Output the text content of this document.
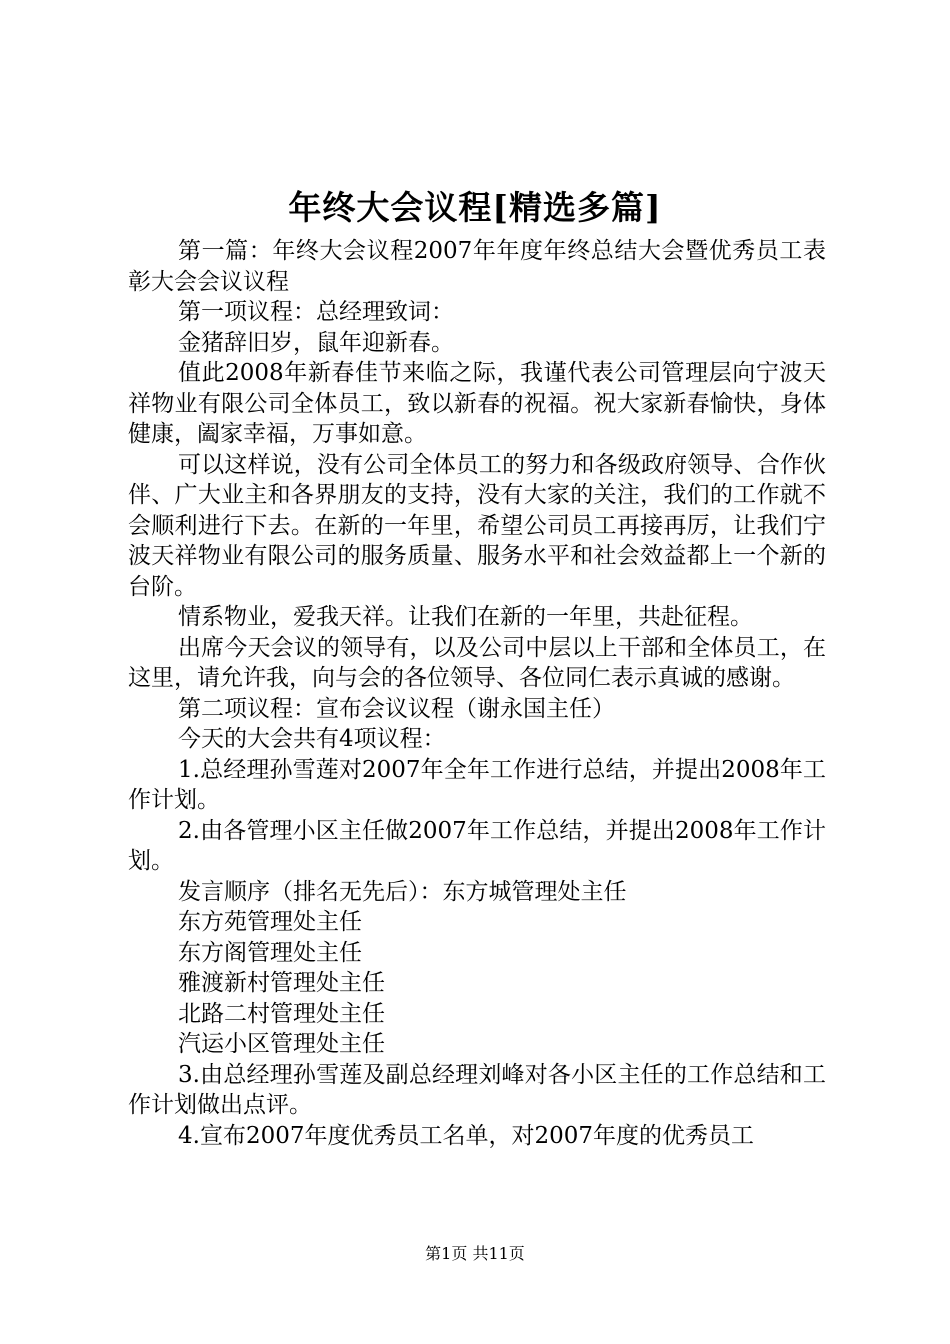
年终大会议程[精选多篇]

第一篇：年终大会议程2007年年度年终总结大会暨优秀员工表彰大会会议议程

第一项议程：总经理致词：

金猪辞旧岁，鼠年迎新春。

值此2008年新春佳节来临之际，我谨代表公司管理层向宁波天祥物业有限公司全体员工，致以新春的祝福。祝大家新春愉快，身体健康，阖家幸福，万事如意。

可以这样说，没有公司全体员工的努力和各级政府领导、合作伙伴、广大业主和各界朋友的支持，没有大家的关注，我们的工作就不会顺利进行下去。在新的一年里，希望公司员工再接再厉，让我们宁波天祥物业有限公司的服务质量、服务水平和社会效益都上一个新的台阶。

情系物业，爱我天祥。让我们在新的一年里，共赴征程。

出席今天会议的领导有，以及公司中层以上干部和全体员工，在这里，请允许我，向与会的各位领导、各位同仁表示真诚的感谢。

第二项议程：宣布会议议程（谢永国主任）

今天的大会共有4项议程：

1.总经理孙雪莲对2007年全年工作进行总结，并提出2008年工作计划。

2.由各管理小区主任做2007年工作总结，并提出2008年工作计划。

发言顺序（排名无先后）：东方城管理处主任

东方苑管理处主任

东方阁管理处主任

雅渡新村管理处主任

北路二村管理处主任

汽运小区管理处主任

3.由总经理孙雪莲及副总经理刘峰对各小区主任的工作总结和工作计划做出点评。

4.宣布2007年度优秀员工名单，对2007年度的优秀员工

第1页 共11页
